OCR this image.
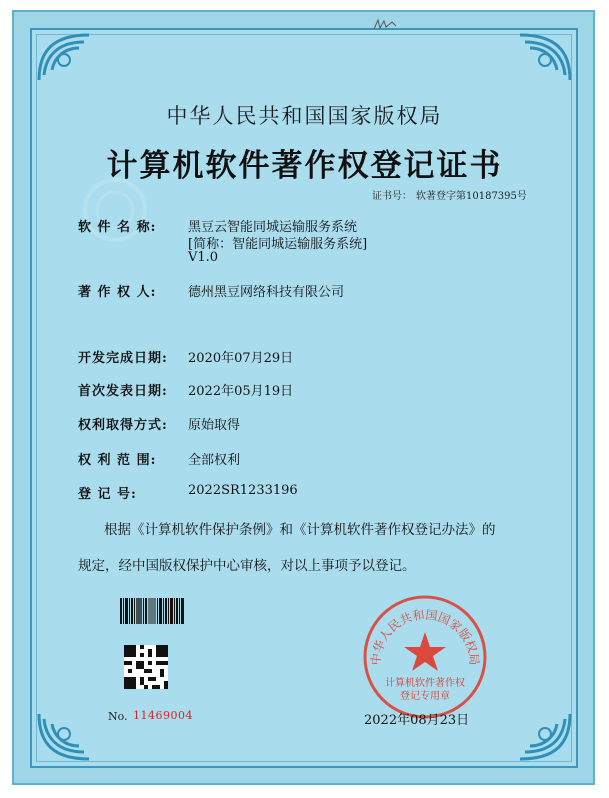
中华人民共和国国家版权局
计算机软件著作权登记证书
证书号： 软著登字第10187395号
软 件 名 称: 黑豆云智能同城运输服务系统
[简称：智能同城运输服务系统]
V1.0
著 作 权 人: 德州黑豆网络科技有限公司
开发完成日期: 2020年07月29日
首次发表日期: 2022年05月19日
权利取得方式: 原始取得
权 利 范 围: 全部权利
登 记 号:	2022SR1233196
根据《计算机软件保护条例》和《计算机软件著作权登记办法》的
规定，经中国版权保护中心审核，对以上事项予以登记。
No. 11469004
中华人民共和国国家版权局
计算机软件著作权
登记专用章
2022年08月23日
